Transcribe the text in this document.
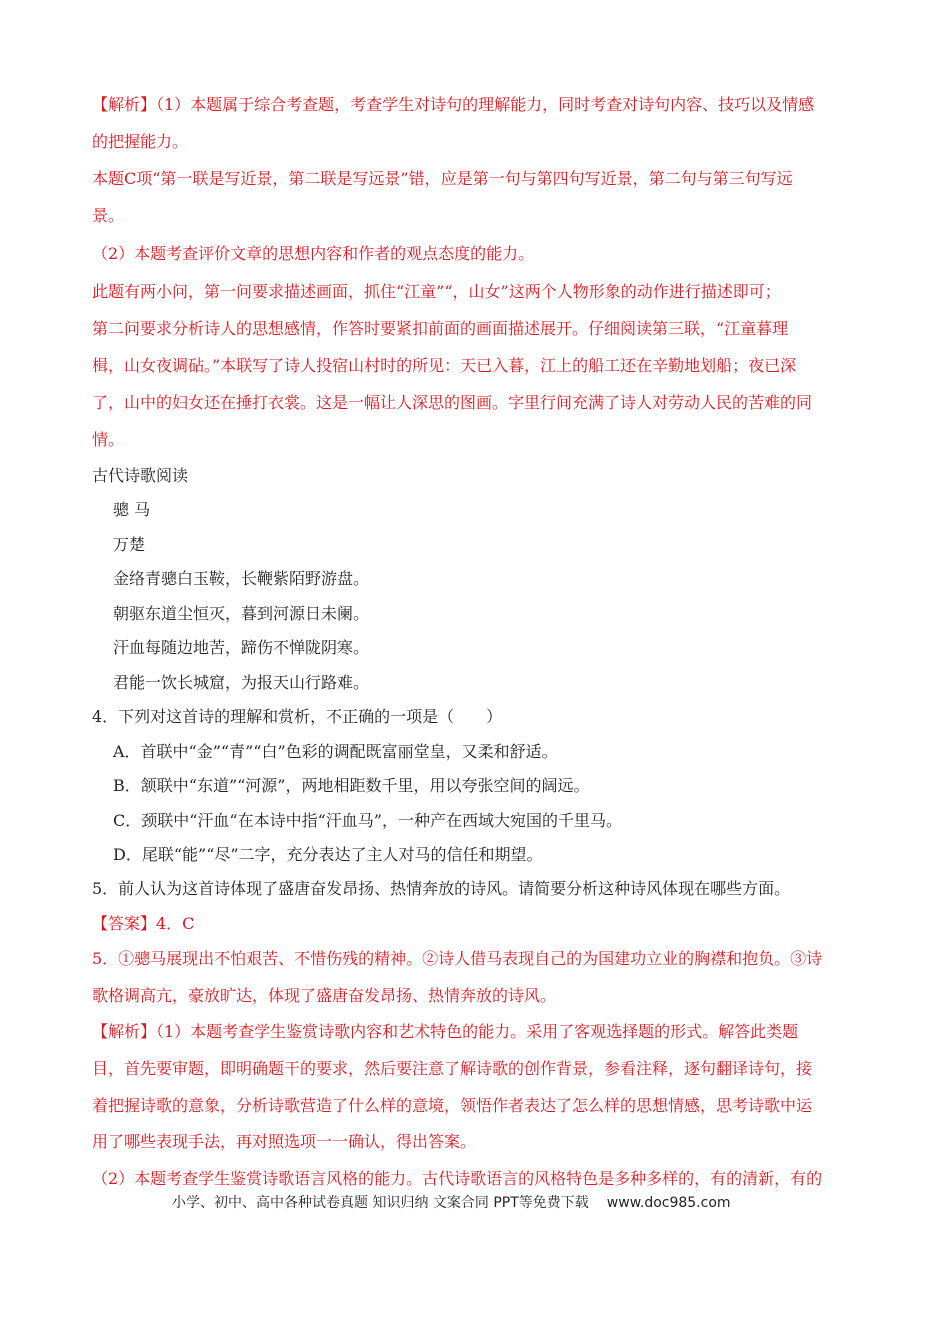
【解析】（1）本题属于综合考查题，考查学生对诗句的理解能力，同时考查对诗句内容、技巧以及情感
的把握能力。
本题C项“第一联是写近景，第二联是写远景”错，应是第一句与第四句写近景，第二句与第三句写远
景。
（2）本题考查评价文章的思想内容和作者的观点态度的能力。
此题有两小问，第一问要求描述画面，抓住“江童”“，山女”这两个人物形象的动作进行描述即可；
第二问要求分析诗人的思想感情，作答时要紧扣前面的画面描述展开。仔细阅读第三联，“江童暮理
楫，山女夜调砧。”本联写了诗人投宿山村时的所见：天已入暮，江上的船工还在辛勤地划船；夜已深
了，山中的妇女还在捶打衣裳。这是一幅让人深思的图画。字里行间充满了诗人对劳动人民的苦难的同
情。
古代诗歌阅读
骢 马
万楚
金络青骢白玉鞍，长鞭紫陌野游盘。
朝驱东道尘恒灭，暮到河源日未阑。
汗血每随边地苦，蹄伤不惮陇阴寒。
君能一饮长城窟，为报天山行路难。
4．下列对这首诗的理解和赏析，不正确的一项是（　　）
A．首联中“金”“青”“白”色彩的调配既富丽堂皇，又柔和舒适。
B．颔联中“东道”“河源”，两地相距数千里，用以夸张空间的阔远。
C．颈联中“汗血“在本诗中指“汗血马”，一种产在西域大宛国的千里马。
D．尾联“能”“尽”二字，充分表达了主人对马的信任和期望。
5．前人认为这首诗体现了盛唐奋发昂扬、热情奔放的诗风。请简要分析这种诗风体现在哪些方面。
【答案】4．C
5．①骢马展现出不怕艰苦、不惜伤残的精神。②诗人借马表现自己的为国建功立业的胸襟和抱负。③诗
歌格调高亢，豪放旷达，体现了盛唐奋发昂扬、热情奔放的诗风。
【解析】（1）本题考查学生鉴赏诗歌内容和艺术特色的能力。采用了客观选择题的形式。解答此类题
目，首先要审题，即明确题干的要求，然后要注意了解诗歌的创作背景，参看注释，逐句翻译诗句，接
着把握诗歌的意象，分析诗歌营造了什么样的意境，领悟作者表达了怎么样的思想情感，思考诗歌中运
用了哪些表现手法，再对照选项一一确认，得出答案。
（2）本题考查学生鉴赏诗歌语言风格的能力。古代诗歌语言的风格特色是多种多样的，有的清新，有的
小学、初中、高中各种试卷真题 知识归纳 文案合同 PPT等免费下载 www.doc985.com
